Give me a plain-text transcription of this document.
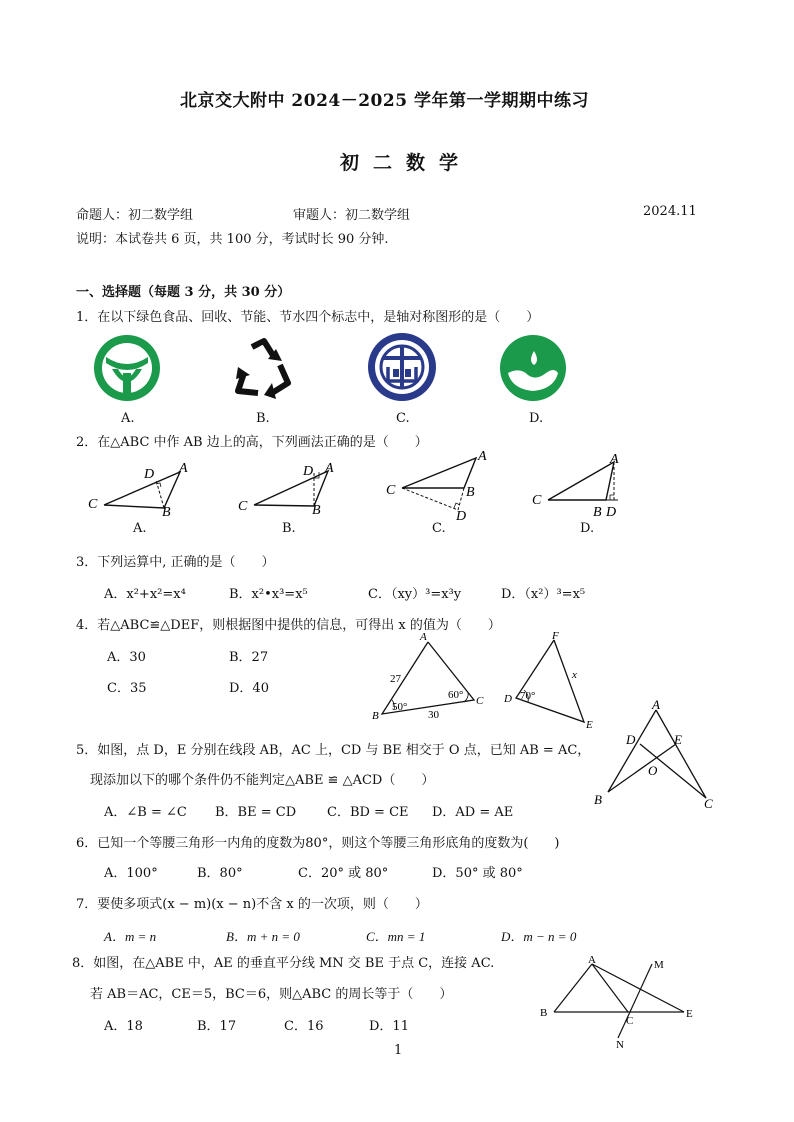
北京交大附中 2024－2025 学年第一学期期中练习
初二数学
命题人：初二数学组	审题人：初二数学组	2024.11
说明：本试卷共 6 页，共 100 分，考试时长 90 分钟.
一、选择题（每题 3 分，共 30 分）
1．在以下绿色食品、回收、节能、节水四个标志中，是轴对称图形的是（　　）
A.	B.	C.	D.
2．在△ABC 中作 AB 边上的高，下列画法正确的是（　　）
C
D A
B	C
D A
B
C
A
B
D
C
A
B D
A.	B.	C.	D.
3．下列运算中, 正确的是（　　）
A．x²+x²=x⁴	B．x²•x³=x⁵	C．（xy）³=x³y	D．（x²）³=x⁵
4．若△ABC≌△DEF，则根据图中提供的信息，可得出 x 的值为（　　）
A．30	B．27
C．35	D．40
A
B
C
27
30
60°
50°
F
D
E
70°
x
5．如图，点 D，E 分别在线段 AB，AC 上，CD 与 BE 相交于 O 点，已知 AB = AC，
现添加以下的哪个条件仍不能判定△ABE ≌ △ACD（　　）
A．∠B = ∠C B．BE = CD C．BD = CE D．AD = AE
A
B	C
D	E
O
6．已知一个等腰三角形一内角的度数为80°，则这个等腰三角形底角的度数为(　　)
A．100°	B．80°	C．20° 或 80°	D．50° 或 80°
7．要使多项式(x − m)(x − n)不含 x 的一次项，则（　　）
A．m = n	B．m + n = 0	C．mn = 1	D．m − n = 0
8．如图，在△ABE 中，AE 的垂直平分线 MN 交 BE 于点 C，连接 AC.
若 AB＝AC，CE＝5，BC＝6，则△ABC 的周长等于（　　）
A．18	B．17	C．16	D．11
A
B	E
C
M
N
1
